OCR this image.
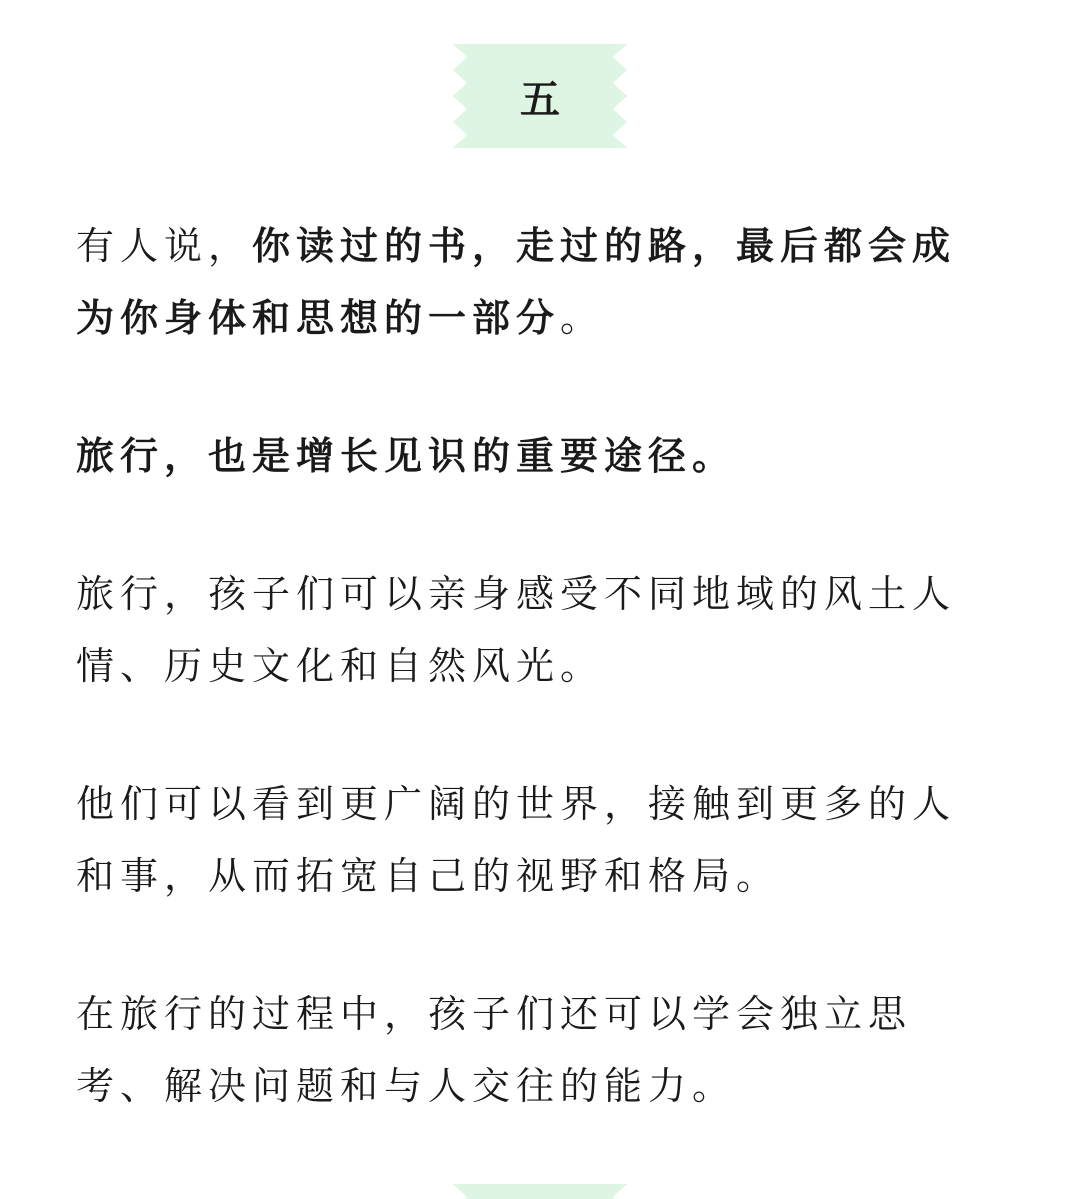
五

有人说，你读过的书，走过的路，最后都会成为你身体和思想的一部分。

旅行，也是增长见识的重要途径。

旅行，孩子们可以亲身感受不同地域的风土人情、历史文化和自然风光。

他们可以看到更广阔的世界，接触到更多的人和事，从而拓宽自己的视野和格局。

在旅行的过程中，孩子们还可以学会独立思考、解决问题和与人交往的能力。
